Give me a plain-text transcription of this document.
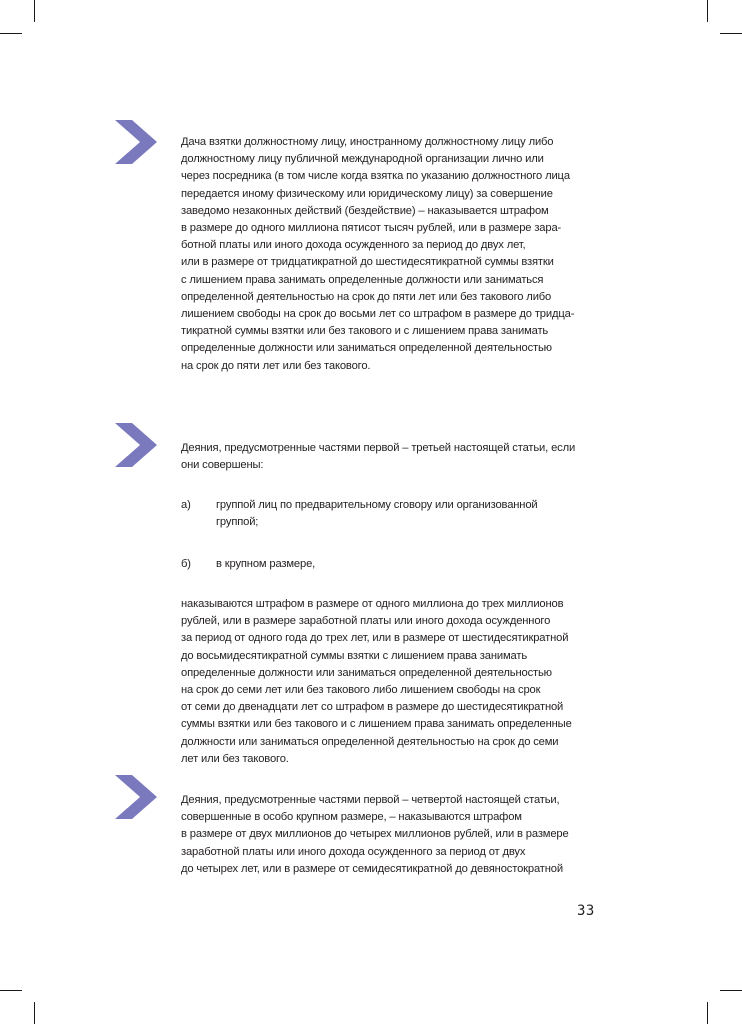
Дача взятки должностному лицу, иностранному должностному лицу либо
должностному лицу публичной международной организации лично или
через посредника (в том числе когда взятка по указанию должностного лица
передается иному физическому или юридическому лицу) за совершение
заведомо незаконных действий (бездействие) – наказывается штрафом
в размере до одного миллиона пятисот тысяч рублей, или в размере зара-
ботной платы или иного дохода осужденного за период до двух лет,
или в размере от тридцатикратной до шестидесятикратной суммы взятки
с лишением права занимать определенные должности или заниматься
определенной деятельностью на срок до пяти лет или без такового либо
лишением свободы на срок до восьми лет со штрафом в размере до тридца-
тикратной суммы взятки или без такового и с лишением права занимать
определенные должности или заниматься определенной деятельностью
на срок до пяти лет или без такового.

Деяния, предусмотренные частями первой – третьей настоящей статьи, если
они совершены:

а) группой лиц по предварительному сговору или организованной
группой;
б) в крупном размере,

наказываются штрафом в размере от одного миллиона до трех миллионов
рублей, или в размере заработной платы или иного дохода осужденного
за период от одного года до трех лет, или в размере от шестидесятикратной
до восьмидесятикратной суммы взятки с лишением права занимать
определенные должности или заниматься определенной деятельностью
на срок до семи лет или без такового либо лишением свободы на срок
от семи до двенадцати лет со штрафом в размере до шестидесятикратной
суммы взятки или без такового и с лишением права занимать определенные
должности или заниматься определенной деятельностью на срок до семи
лет или без такового.

Деяния, предусмотренные частями первой – четвертой настоящей статьи,
совершенные в особо крупном размере, – наказываются штрафом
в размере от двух миллионов до четырех миллионов рублей, или в размере
заработной платы или иного дохода осужденного за период от двух
до четырех лет, или в размере от семидесятикратной до девяностократной

33
